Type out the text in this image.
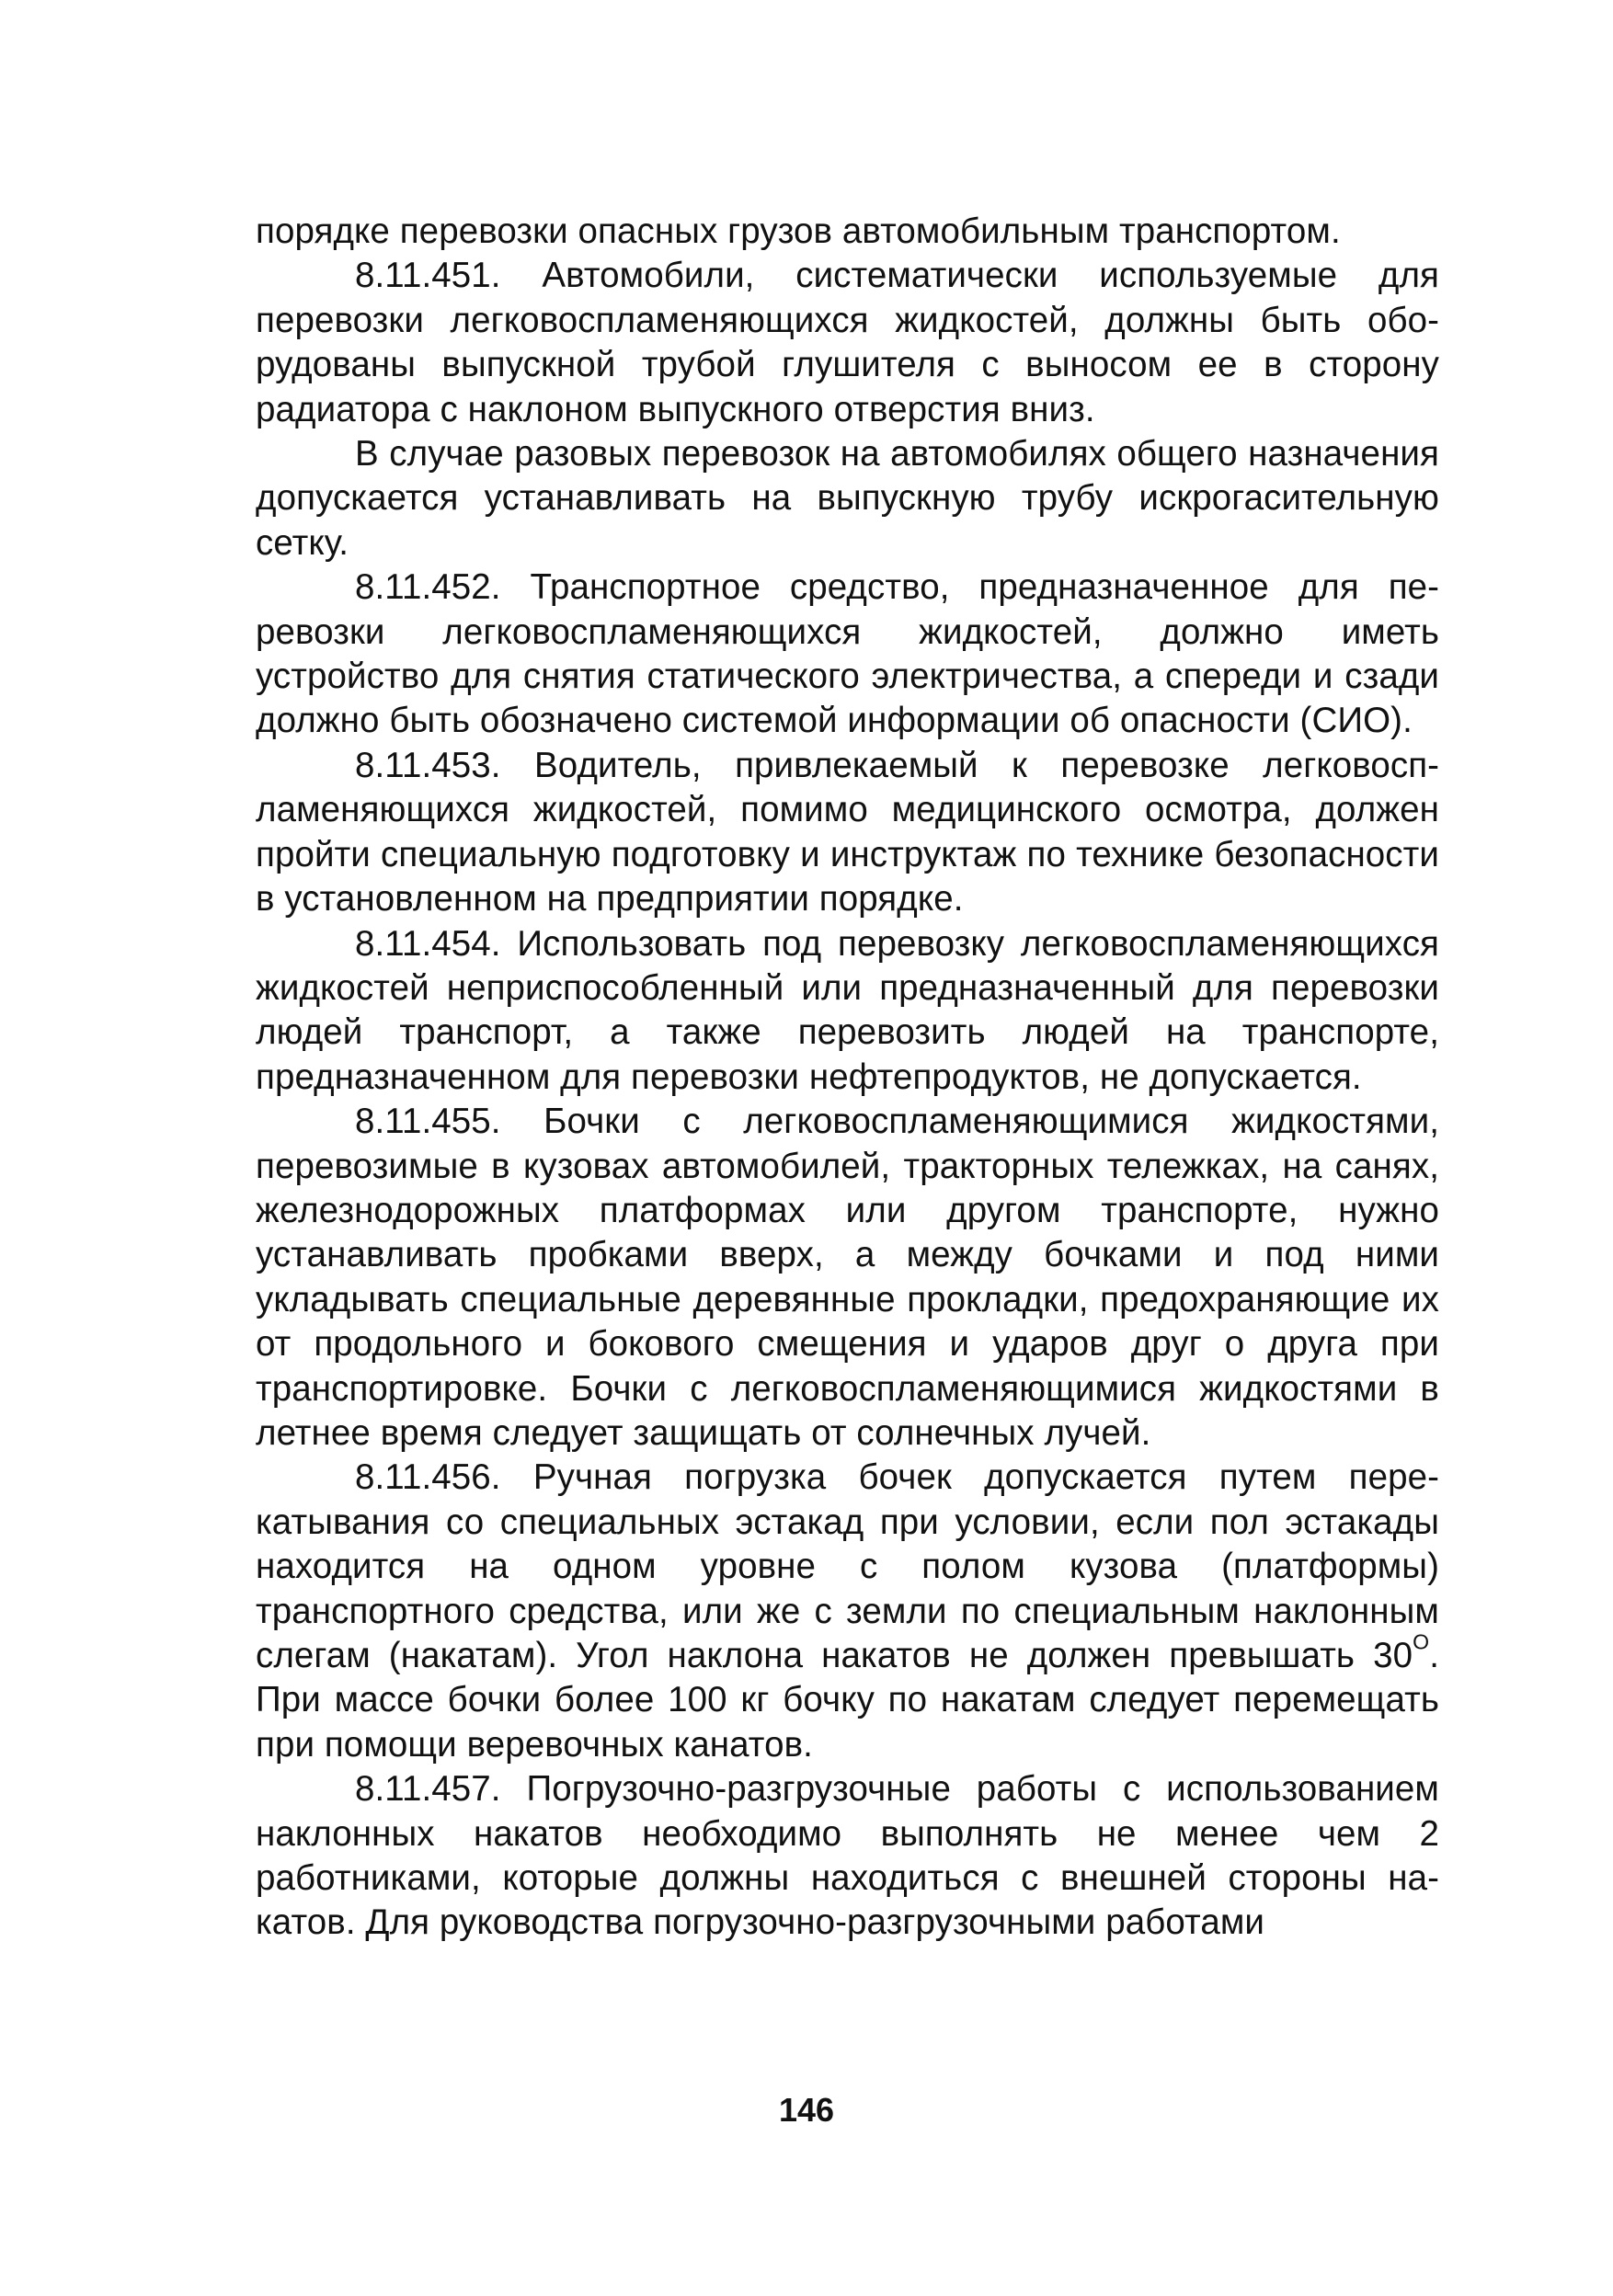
порядке перевозки опасных грузов автомобильным транспортом.

8.11.451. Автомобили, систематически используемые для перевозки легковоспламеняющихся жидкостей, должны быть оборудованы выпускной трубой глушителя с выносом ее в сторону радиатора с наклоном выпускного отверстия вниз.

В случае разовых перевозок на автомобилях общего назначения допускается устанавливать на выпускную трубу искрогасительную сетку.

8.11.452. Транспортное средство, предназначенное для перевозки легковоспламеняющихся жидкостей, должно иметь устройство для снятия статического электричества, а спереди и сзади должно быть обозначено системой информации об опасности (СИО).

8.11.453. Водитель, привлекаемый к перевозке легковоспламеняющихся жидкостей, помимо медицинского осмотра, должен пройти специальную подготовку и инструктаж по технике безопасности в установленном на предприятии порядке.

8.11.454. Использовать под перевозку легковоспламеняющихся жидкостей неприспособленный или предназначенный для перевозки людей транспорт, а также перевозить людей на транспорте, предназначенном для перевозки нефтепродуктов, не допускается.

8.11.455. Бочки с легковоспламеняющимися жидкостями, перевозимые в кузовах автомобилей, тракторных тележках, на санях, железнодорожных платформах или другом транспорте, нужно устанавливать пробками вверх, а между бочками и под ними укладывать специальные деревянные прокладки, предохраняющие их от продольного и бокового смещения и ударов друг о друга при транспортировке. Бочки с легковоспламеняющимися жидкостями в летнее время следует защищать от солнечных лучей.

8.11.456. Ручная погрузка бочек допускается путем перекатывания со специальных эстакад при условии, если пол эстакады находится на одном уровне с полом кузова (платформы) транспортного средства, или же с земли по специальным наклонным слегам (накатам). Угол наклона накатов не должен превышать $30^О$. При массе бочки более 100 кг бочку по накатам следует перемещать при помощи веревочных канатов.

8.11.457. Погрузочно-разгрузочные работы с использованием наклонных накатов необходимо выполнять не менее чем 2 работниками, которые должны находиться с внешней стороны накатов. Для руководства погрузочно-разгрузочными работами

146
